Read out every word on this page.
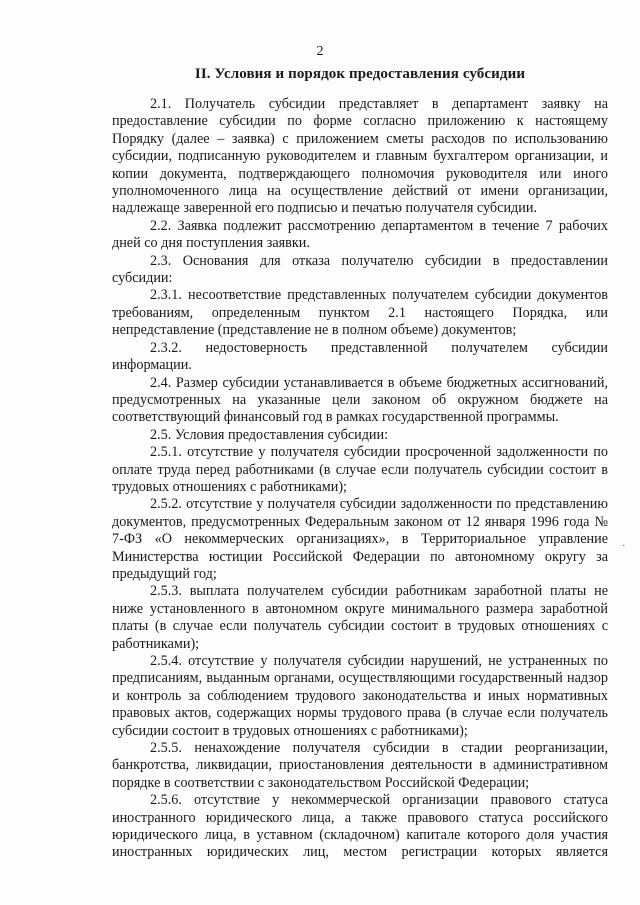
2
II. Условия и порядок предоставления субсидии

2.1. Получатель субсидии представляет в департамент заявку на предоставление субсидии по форме согласно приложению к настоящему Порядку (далее – заявка) с приложением сметы расходов по использованию субсидии, подписанную руководителем и главным бухгалтером организации, и копии документа, подтверждающего полномочия руководителя или иного уполномоченного лица на осуществление действий от имени организации, надлежаще заверенной его подписью и печатью получателя субсидии.

2.2. Заявка подлежит рассмотрению департаментом в течение 7 рабочих дней со дня поступления заявки.

2.3. Основания для отказа получателю субсидии в предоставлении субсидии:

2.3.1. несоответствие представленных получателем субсидии документов требованиям, определенным пунктом 2.1 настоящего Порядка, или непредставление (представление не в полном объеме) документов;

2.3.2. недостоверность представленной получателем субсидии информации.

2.4. Размер субсидии устанавливается в объеме бюджетных ассигнований, предусмотренных на указанные цели законом об окружном бюджете на соответствующий финансовый год в рамках государственной программы.

2.5. Условия предоставления субсидии:

2.5.1. отсутствие у получателя субсидии просроченной задолженности по оплате труда перед работниками (в случае если получатель субсидии состоит в трудовых отношениях с работниками);

2.5.2. отсутствие у получателя субсидии задолженности по представлению документов, предусмотренных Федеральным законом от 12 января 1996 года № 7-ФЗ «О некоммерческих организациях», в Территориальное управление Министерства юстиции Российской Федерации по автономному округу за предыдущий год;

2.5.3. выплата получателем субсидии работникам заработной платы не ниже установленного в автономном округе минимального размера заработной платы (в случае если получатель субсидии состоит в трудовых отношениях с работниками);

2.5.4. отсутствие у получателя субсидии нарушений, не устраненных по предписаниям, выданным органами, осуществляющими государственный надзор и контроль за соблюдением трудового законодательства и иных нормативных правовых актов, содержащих нормы трудового права (в случае если получатель субсидии состоит в трудовых отношениях с работниками);

2.5.5. ненахождение получателя субсидии в стадии реорганизации, банкротства, ликвидации, приостановления деятельности в административном порядке в соответствии с законодательством Российской Федерации;

2.5.6. отсутствие у некоммерческой организации правового статуса иностранного юридического лица, а также правового статуса российского юридического лица, в уставном (складочном) капитале которого доля участия иностранных юридических лиц, местом регистрации которых является

·
